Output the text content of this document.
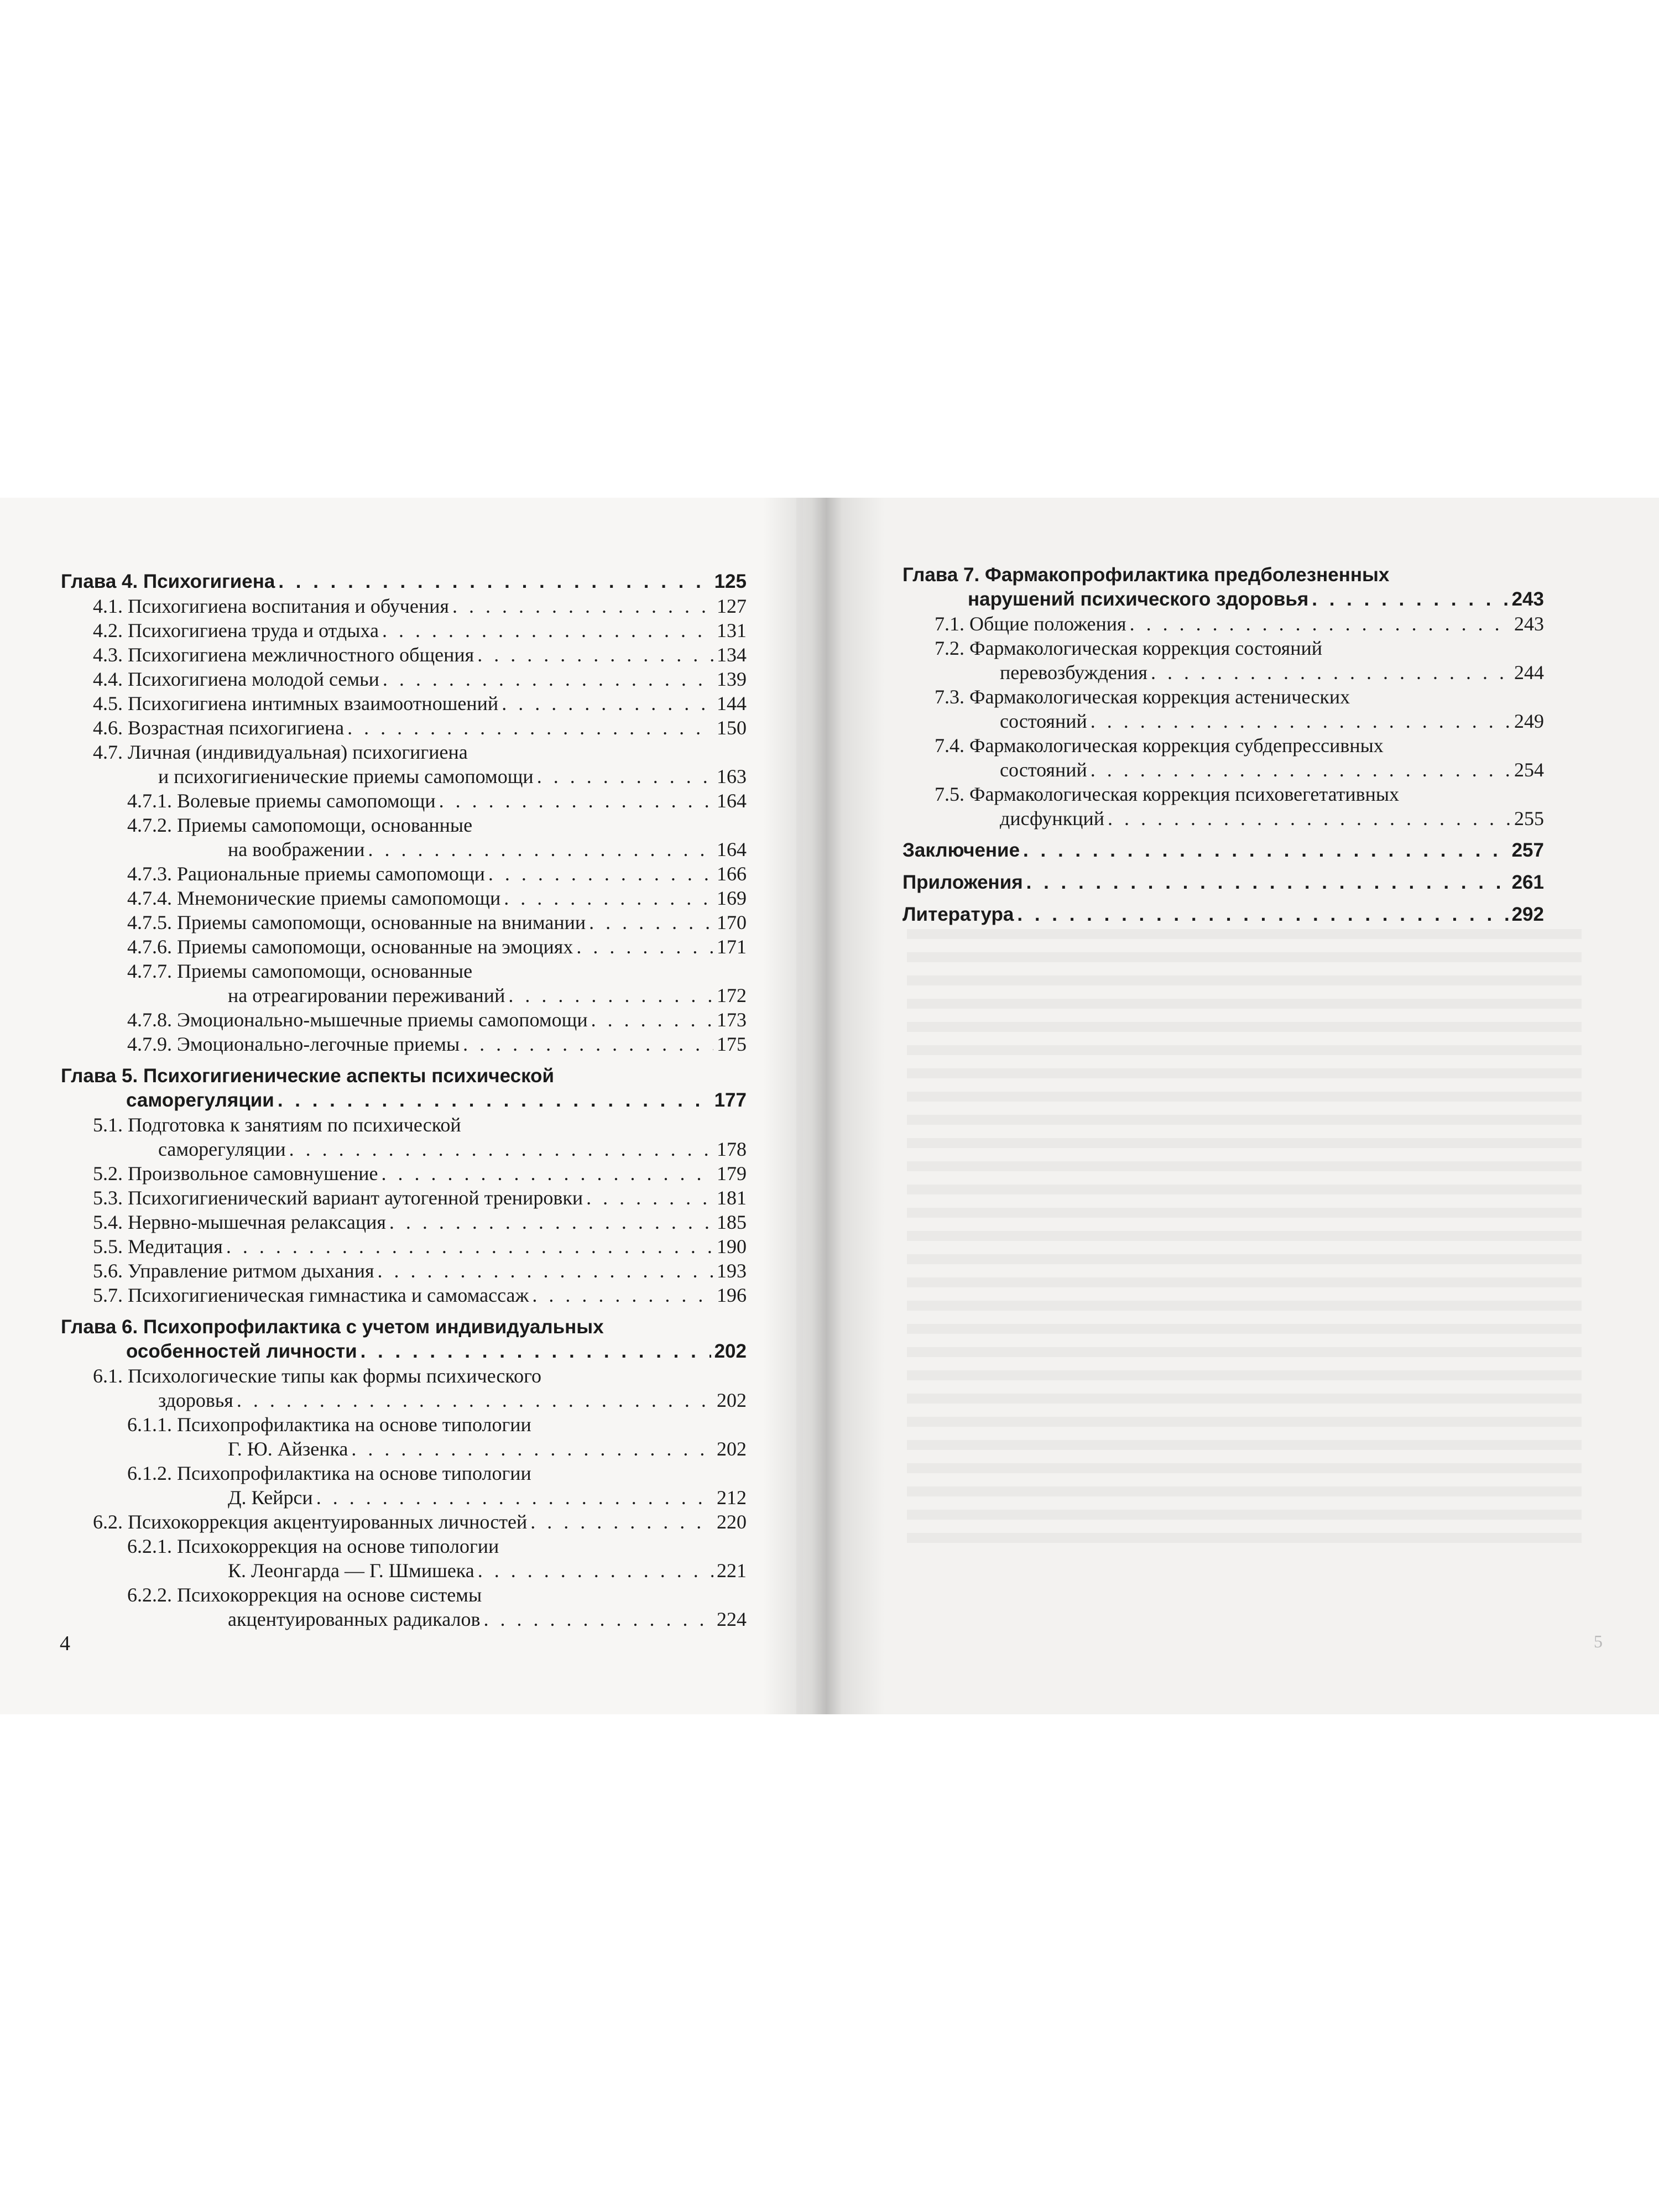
Глава 4. Психогигиена . . .	125
4.1. Психогигиена воспитания и обучения . . .	127
4.2. Психогигиена труда и отдыха . . .	131
4.3. Психогигиена межличностного общения . . .	134
4.4. Психогигиена молодой семьи . . .	139
4.5. Психогигиена интимных взаимоотношений . . .	144
4.6. Возрастная психогигиена . . .	150
4.7. Личная (индивидуальная) психогигиена
и психогигиенические приемы самопомощи . . .	163
4.7.1. Волевые приемы самопомощи . . .	164
4.7.2. Приемы самопомощи, основанные
на воображении . . .	164
4.7.3. Рациональные приемы самопомощи . . .	166
4.7.4. Мнемонические приемы самопомощи . . .	169
4.7.5. Приемы самопомощи, основанные на внимании . . .	170
4.7.6. Приемы самопомощи, основанные на эмоциях . . .	171
4.7.7. Приемы самопомощи, основанные
на отреагировании переживаний . . .	172
4.7.8. Эмоционально-мышечные приемы самопомощи . . .	173
4.7.9. Эмоционально-легочные приемы . . .	175
Глава 5. Психогигиенические аспекты психической
саморегуляции . . .	177
5.1. Подготовка к занятиям по психической
саморегуляции . . .	178
5.2. Произвольное самовнушение . . .	179
5.3. Психогигиенический вариант аутогенной тренировки . . .	181
5.4. Нервно-мышечная релаксация . . .	185
5.5. Медитация . . .	190
5.6. Управление ритмом дыхания . . .	193
5.7. Психогигиеническая гимнастика и самомассаж . . .	196
Глава 6. Психопрофилактика с учетом индивидуальных
особенностей личности . . .	202
6.1. Психологические типы как формы психического
здоровья . . .	202
6.1.1. Психопрофилактика на основе типологии
Г. Ю. Айзенка . . .	202
6.1.2. Психопрофилактика на основе типологии
Д. Кейрси . . .	212
6.2. Психокоррекция акцентуированных личностей . . .	220
6.2.1. Психокоррекция на основе типологии
К. Леонгарда — Г. Шмишека . . .	221
6.2.2. Психокоррекция на основе системы
акцентуированных радикалов . . .	224
4
Глава 7. Фармакопрофилактика предболезненных
нарушений психического здоровья . . .	243
7.1. Общие положения . . .	243
7.2. Фармакологическая коррекция состояний
перевозбуждения . . .	244
7.3. Фармакологическая коррекция астенических
состояний . . .	249
7.4. Фармакологическая коррекция субдепрессивных
состояний . . .	254
7.5. Фармакологическая коррекция психовегетативных
дисфункций . . .	255
Заключение . . .	257
Приложения . . .	261
Литература . . .	292
5
